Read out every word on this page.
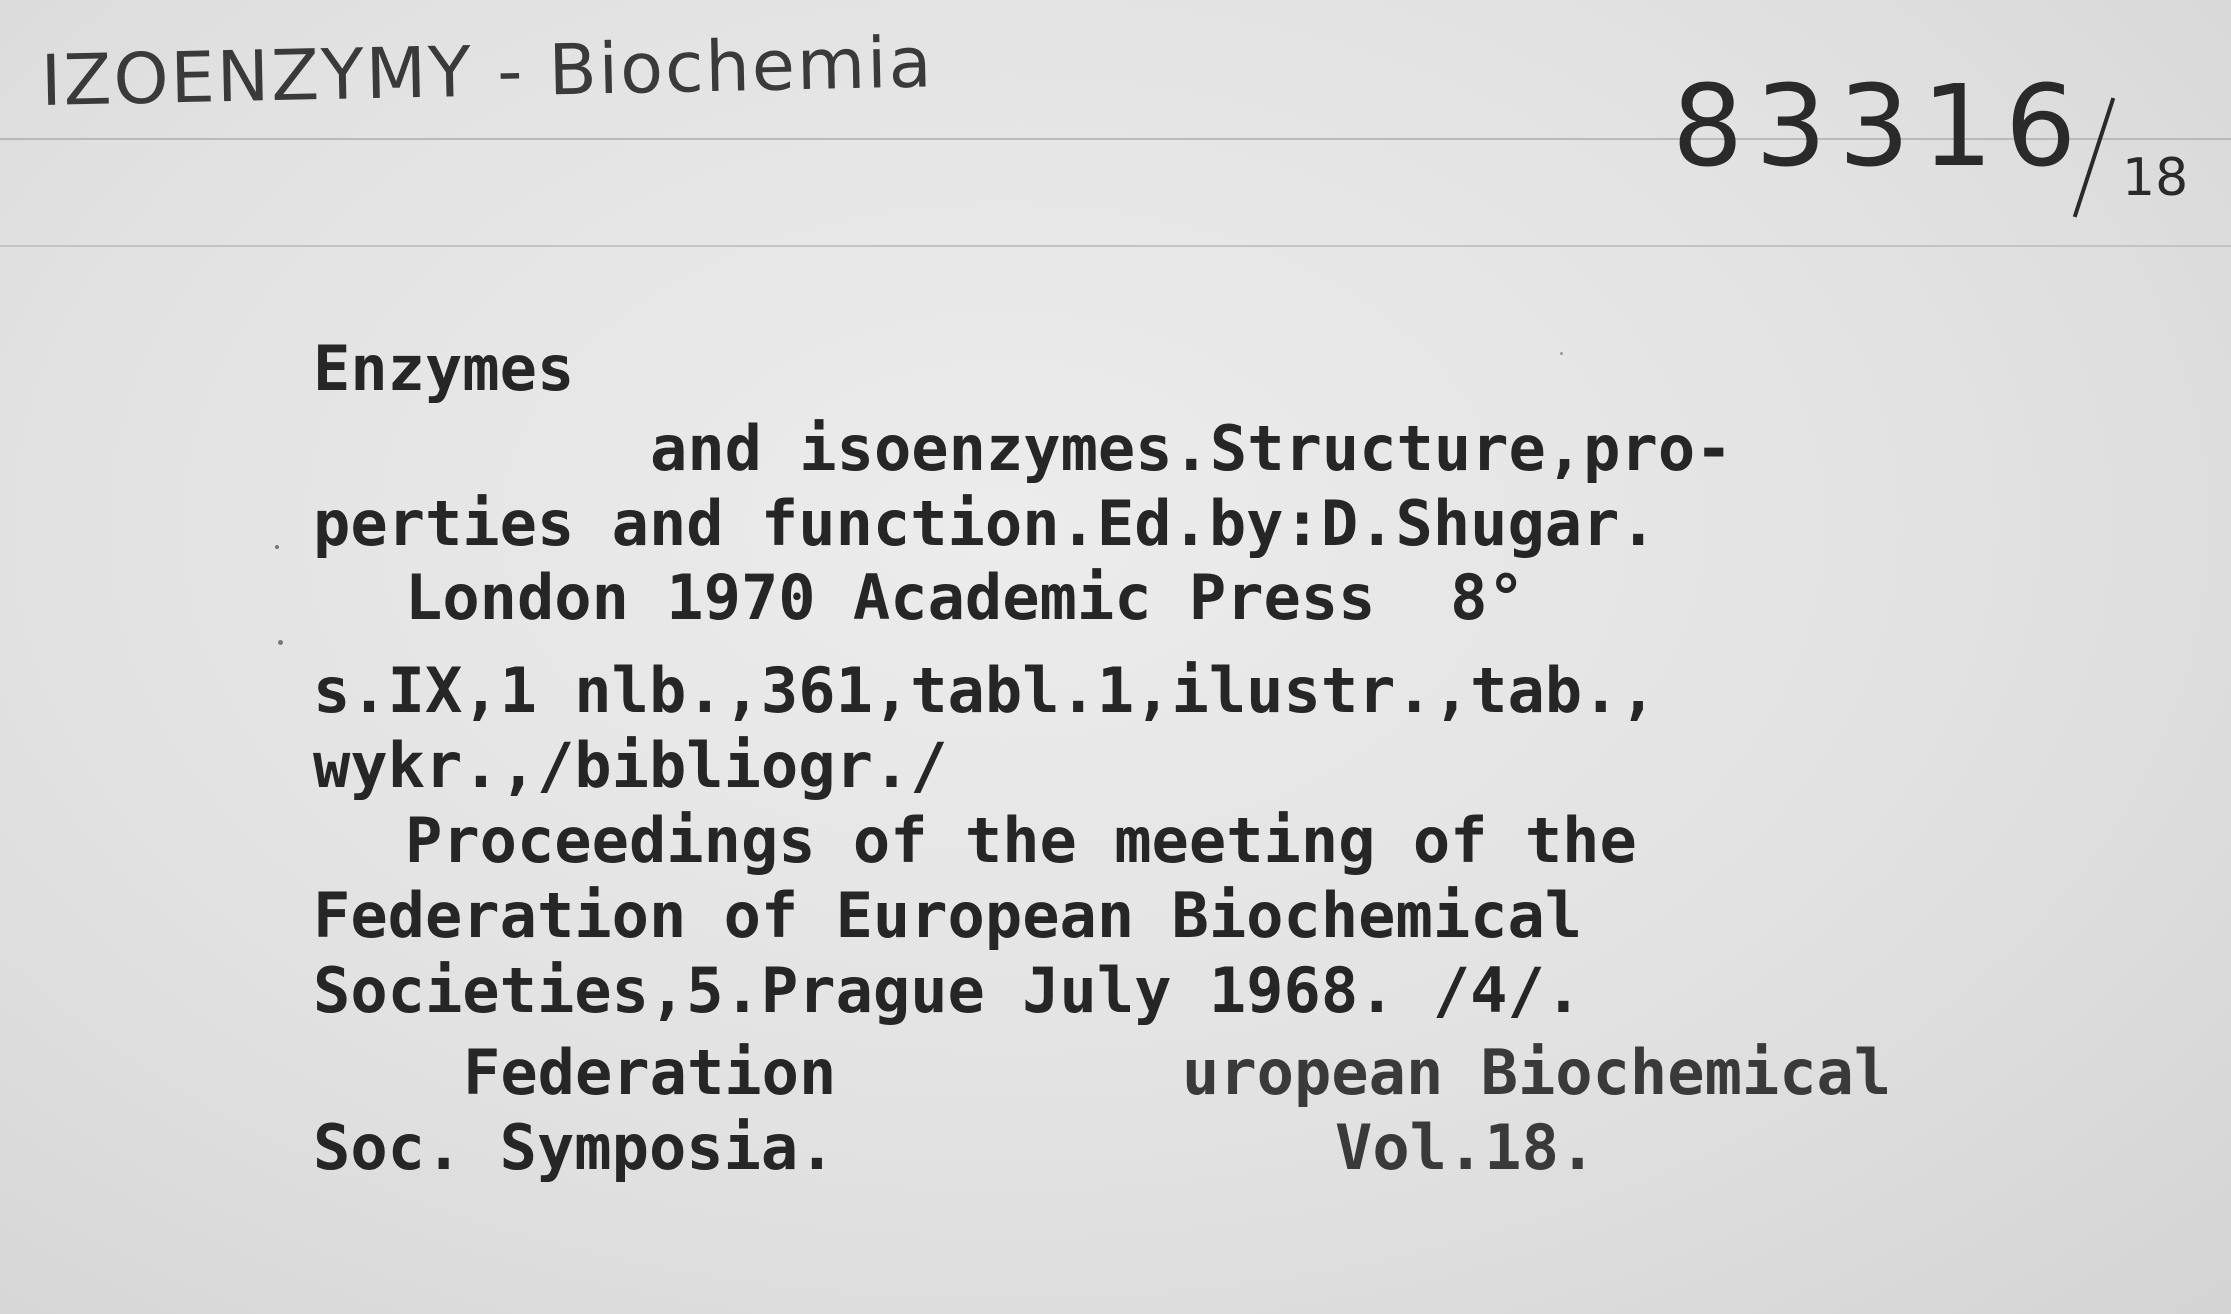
IZOENZYMY - Biochemia	83316 18
Enzymes
and isoenzymes.Structure,pro-
perties and function.Ed.by:D.Shugar.
London 1970 Academic Press  8°
s.IX,1 nlb.,361,tabl.1,ilustr.,tab.,
wykr.,/bibliogr./
Proceedings of the meeting of the
Federation of European Biochemical
Societies,5.Prague July 1968. /4/.
Federation	uropean Biochemical
Soc. Symposia.	Vol.18.
